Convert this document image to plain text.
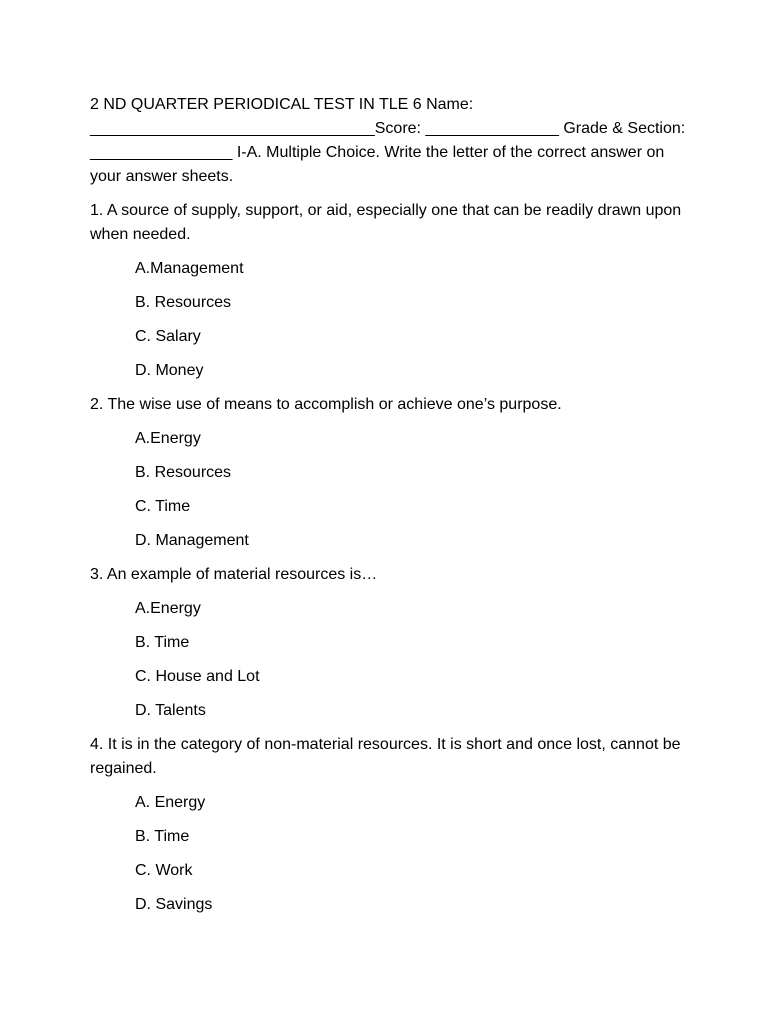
2 ND QUARTER PERIODICAL TEST IN TLE 6 Name: ________________________________Score: _______________ Grade & Section: ________________ I-A. Multiple Choice. Write the letter of the correct answer on your answer sheets.

1. A source of supply, support, or aid, especially one that can be readily drawn upon when needed.

A.Management

B. Resources

C. Salary

D. Money

2. The wise use of means to accomplish or achieve one’s purpose.

A.Energy

B. Resources

C. Time

D. Management

3. An example of material resources is…

A.Energy

B. Time

C. House and Lot

D. Talents

4. It is in the category of non-material resources. It is short and once lost, cannot be regained.

A. Energy

B. Time

C. Work

D. Savings
